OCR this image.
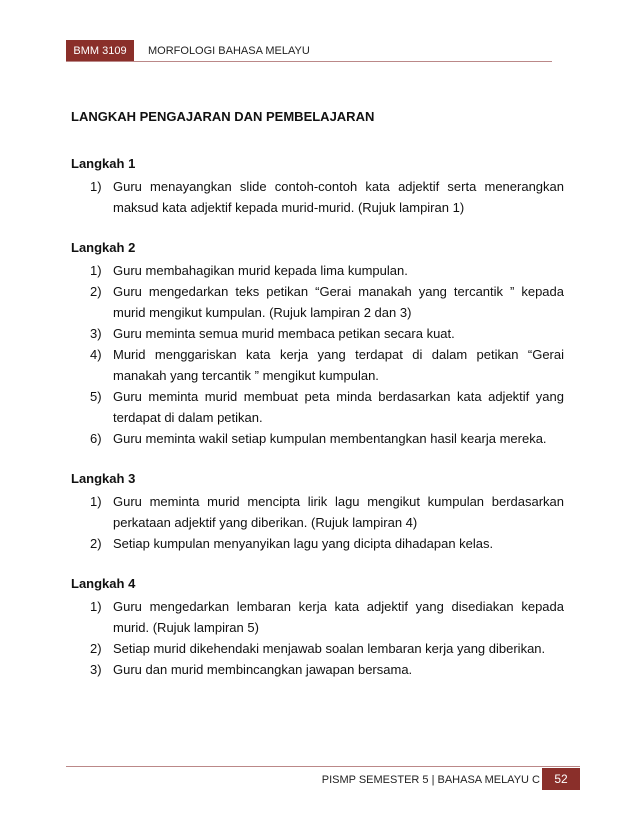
BMM 3109	MORFOLOGI BAHASA MELAYU
LANGKAH PENGAJARAN DAN PEMBELAJARAN
Langkah 1
1) Guru menayangkan slide contoh-contoh kata adjektif serta menerangkan maksud kata adjektif kepada murid-murid. (Rujuk lampiran 1)
Langkah 2
1) Guru membahagikan murid kepada lima kumpulan.
2) Guru mengedarkan teks petikan “Gerai manakah yang tercantik ” kepada murid mengikut kumpulan. (Rujuk lampiran 2 dan 3)
3) Guru meminta semua murid membaca petikan secara kuat.
4) Murid menggariskan kata kerja yang terdapat di dalam petikan “Gerai manakah yang tercantik ” mengikut kumpulan.
5) Guru meminta murid membuat peta minda berdasarkan kata adjektif yang terdapat di dalam petikan.
6) Guru meminta wakil setiap kumpulan membentangkan hasil kearja mereka.
Langkah 3
1) Guru meminta murid mencipta lirik lagu mengikut kumpulan berdasarkan perkataan adjektif yang diberikan. (Rujuk lampiran 4)
2) Setiap kumpulan menyanyikan lagu yang dicipta dihadapan kelas.
Langkah 4
1) Guru mengedarkan lembaran kerja kata adjektif yang disediakan kepada murid. (Rujuk lampiran 5)
2) Setiap murid dikehendaki menjawab soalan lembaran kerja yang diberikan.
3) Guru dan murid membincangkan jawapan bersama.
PISMP SEMESTER 5 | BAHASA MELAYU C	52
